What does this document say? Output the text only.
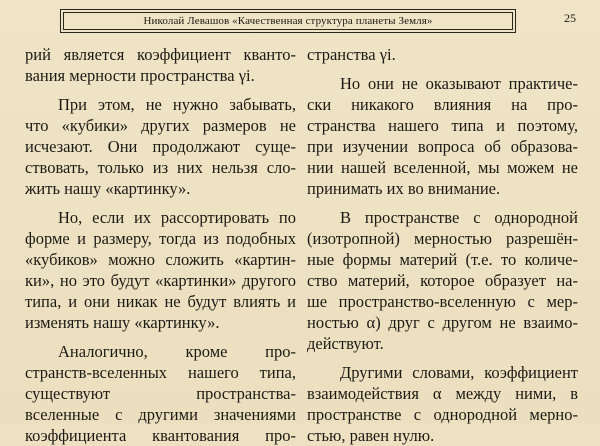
Николай Левашов «Качественная структура планеты Земля»	25
рий является коэффициент кванто-
вания мерности пространства γi.
При этом, не нужно забывать,
что «кубики» других размеров не
исчезают. Они продолжают суще-
ствовать, только из них нельзя сло-
жить нашу «картинку».
Но, если их рассортировать по
форме и размеру, тогда из подобных
«кубиков» можно сложить «картин-
ки», но это будут «картинки» другого
типа, и они никак не будут влиять и
изменять нашу «картинку».
Аналогично, кроме про-
странств-вселенных нашего типа,
существуют пространства-
вселенные с другими значениями
коэффициента квантования про-
странства γi.
Но они не оказывают практиче-
ски никакого влияния на про-
странства нашего типа и поэтому,
при изучении вопроса об образова-
нии нашей вселенной, мы можем не
принимать их во внимание.
В пространстве с однородной
(изотропной) мерностью разрешён-
ные формы материй (т.е. то количе-
ство материй, которое образует на-
ше пространство-вселенную с мер-
ностью α) друг с другом не взаимо-
действуют.
Другими словами, коэффициент
взаимодействия α между ними, в
пространстве с однородной мерно-
стью, равен нулю.
